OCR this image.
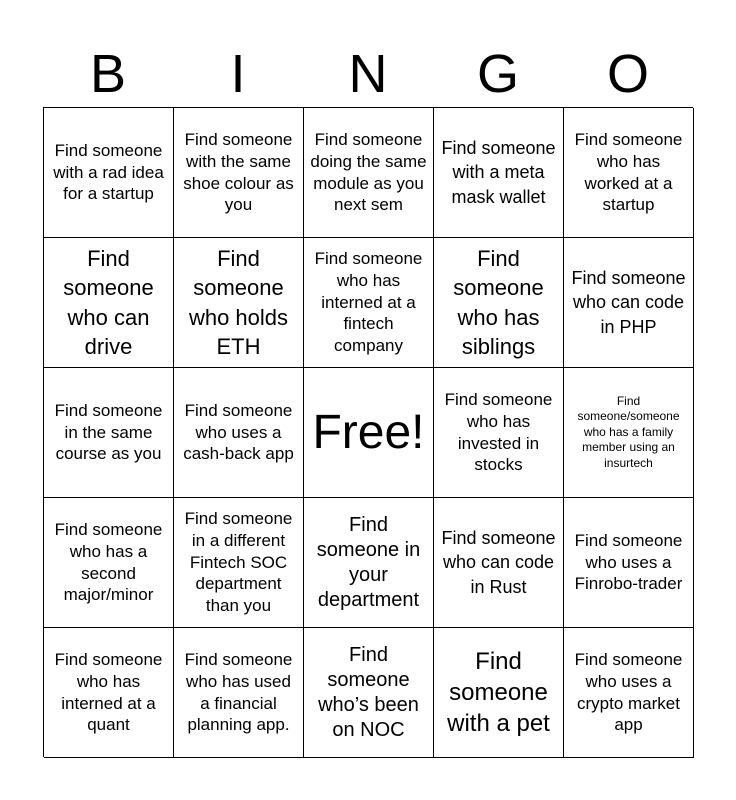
B	I	N	G	O
Find someone with a rad idea for a startup
Find someone with the same shoe colour as you
Find someone doing the same module as you next sem
Find someone with a meta mask wallet
Find someone who has worked at a startup
Find someone who can drive
Find someone who holds ETH
Find someone who has interned at a fintech company
Find someone who has siblings
Find someone who can code in PHP
Find someone in the same course as you
Find someone who uses a cash-back app Free!
Find someone who has invested in stocks
Find someone/someone who has a family member using an insurtech
Find someone who has a second major/minor
Find someone in a different Fintech SOC department than you
Find someone in your department
Find someone who can code in Rust
Find someone who uses a Finrobo-trader
Find someone who has interned at a quant
Find someone who has used a financial planning app.
Find someone who’s been on NOC
Find someone with a pet
Find someone who uses a crypto market app
